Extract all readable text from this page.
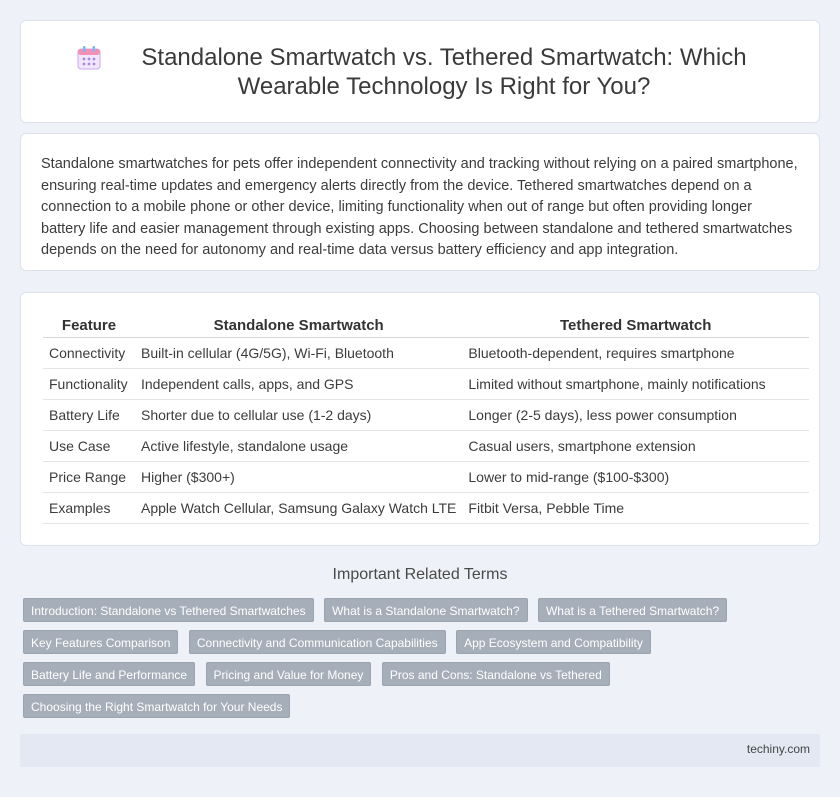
Standalone Smartwatch vs. Tethered Smartwatch: Which Wearable Technology Is Right for You?

Standalone smartwatches for pets offer independent connectivity and tracking without relying on a paired smartphone, ensuring real-time updates and emergency alerts directly from the device. Tethered smartwatches depend on a connection to a mobile phone or other device, limiting functionality when out of range but often providing longer battery life and easier management through existing apps. Choosing between standalone and tethered smartwatches depends on the need for autonomy and real-time data versus battery efficiency and app integration.

Feature	Standalone Smartwatch	Tethered Smartwatch
Connectivity	Built-in cellular (4G/5G), Wi-Fi, Bluetooth	Bluetooth-dependent, requires smartphone
Functionality	Independent calls, apps, and GPS	Limited without smartphone, mainly notifications
Battery Life	Shorter due to cellular use (1-2 days)	Longer (2-5 days), less power consumption
Use Case	Active lifestyle, standalone usage	Casual users, smartphone extension
Price Range	Higher ($300+)	Lower to mid-range ($100-$300)
Examples	Apple Watch Cellular, Samsung Galaxy Watch LTE	Fitbit Versa, Pebble Time
Important Related Terms
Introduction: Standalone vs Tethered Smartwatches What is a Standalone Smartwatch? What is a Tethered Smartwatch?
Key Features Comparison Connectivity and Communication Capabilities App Ecosystem and Compatibility
Battery Life and Performance Pricing and Value for Money Pros and Cons: Standalone vs Tethered
Choosing the Right Smartwatch for Your Needs
techiny.com
